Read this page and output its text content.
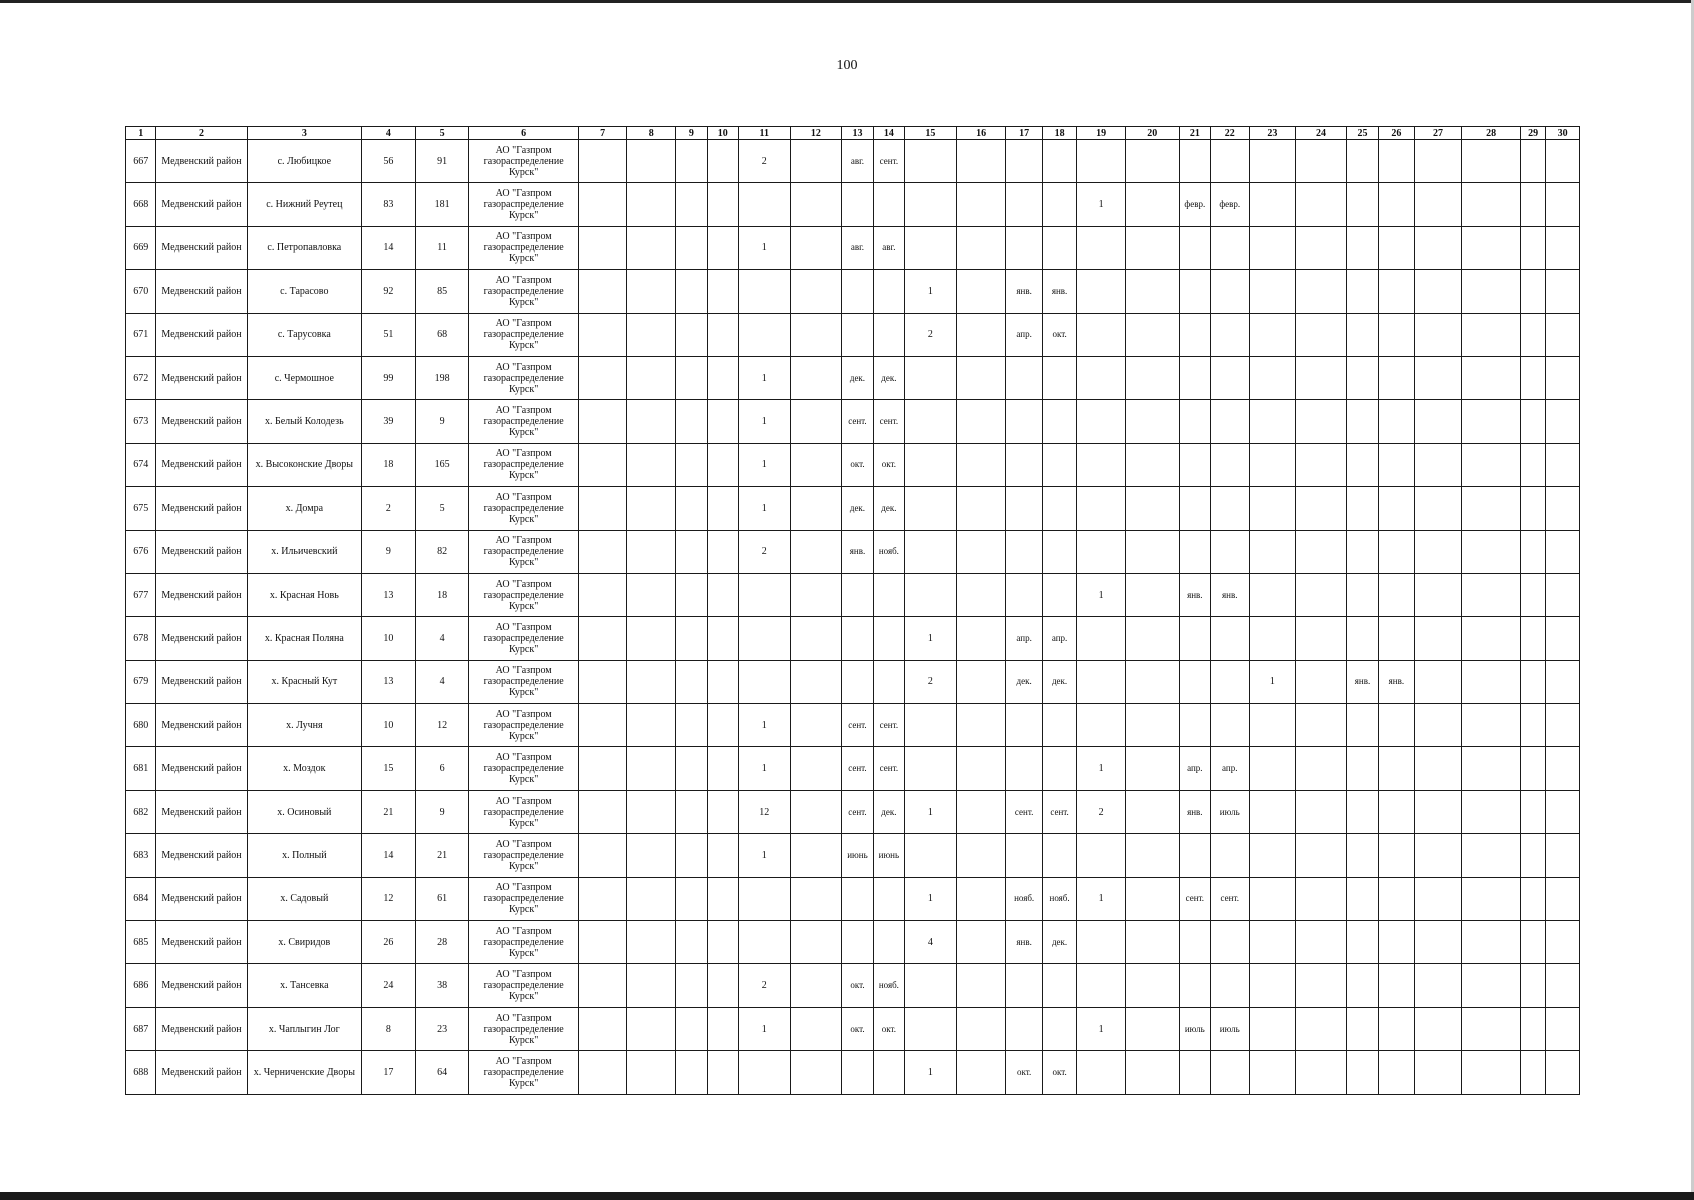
100
1	2	3	4	5	6	7	8	9	10	11	12	13	14	15	16	17	18	19	20	21	22	23	24	25	26	27	28	29	30
667	Медвенский район	с. Любицкое	56	91	АО "Газпром газораспределение Курск"					2		авг.	сент.																
668	Медвенский район	с. Нижний Реутец	83	181	АО "Газпром газораспределение Курск"													1		февр.	февр.								
669	Медвенский район	с. Петропавловка	14	11	АО "Газпром газораспределение Курск"					1		авг.	авг.																
670	Медвенский район	с. Тарасово	92	85	АО "Газпром газораспределение Курск"									1		янв.	янв.												
671	Медвенский район	с. Тарусовка	51	68	АО "Газпром газораспределение Курск"									2		апр.	окт.												
672	Медвенский район	с. Чермошное	99	198	АО "Газпром газораспределение Курск"					1		дек.	дек.																
673	Медвенский район	х. Белый Колодезь	39	9	АО "Газпром газораспределение Курск"					1		сент.	сент.																
674	Медвенский район	х. Высоконские Дворы	18	165	АО "Газпром газораспределение Курск"					1		окт.	окт.																
675	Медвенский район	х. Домра	2	5	АО "Газпром газораспределение Курск"					1		дек.	дек.																
676	Медвенский район	х. Ильичевский	9	82	АО "Газпром газораспределение Курск"					2		янв.	нояб.																
677	Медвенский район	х. Красная Новь	13	18	АО "Газпром газораспределение Курск"													1		янв.	янв.								
678	Медвенский район	х. Красная Поляна	10	4	АО "Газпром газораспределение Курск"									1		апр.	апр.												
679	Медвенский район	х. Красный Кут	13	4	АО "Газпром газораспределение Курск"									2		дек.	дек.					1		янв.	янв.				
680	Медвенский район	х. Лучня	10	12	АО "Газпром газораспределение Курск"					1		сент.	сент.																
681	Медвенский район	х. Моздок	15	6	АО "Газпром газораспределение Курск"					1		сент.	сент.					1		апр.	апр.								
682	Медвенский район	х. Осиновый	21	9	АО "Газпром газораспределение Курск"					12		сент.	дек.	1		сент.	сент.	2		янв.	июль								
683	Медвенский район	х. Полный	14	21	АО "Газпром газораспределение Курск"					1		июнь	июнь																
684	Медвенский район	х. Садовый	12	61	АО "Газпром газораспределение Курск"									1		нояб.	нояб.	1		сент.	сент.								
685	Медвенский район	х. Свиридов	26	28	АО "Газпром газораспределение Курск"									4		янв.	дек.												
686	Медвенский район	х. Тансевка	24	38	АО "Газпром газораспределение Курск"					2		окт.	нояб.																
687	Медвенский район	х. Чаплыгин Лог	8	23	АО "Газпром газораспределение Курск"					1		окт.	окт.					1		июль	июль								
688	Медвенский район	х. Черниченские Дворы	17	64	АО "Газпром газораспределение Курск"									1		окт.	окт.												
